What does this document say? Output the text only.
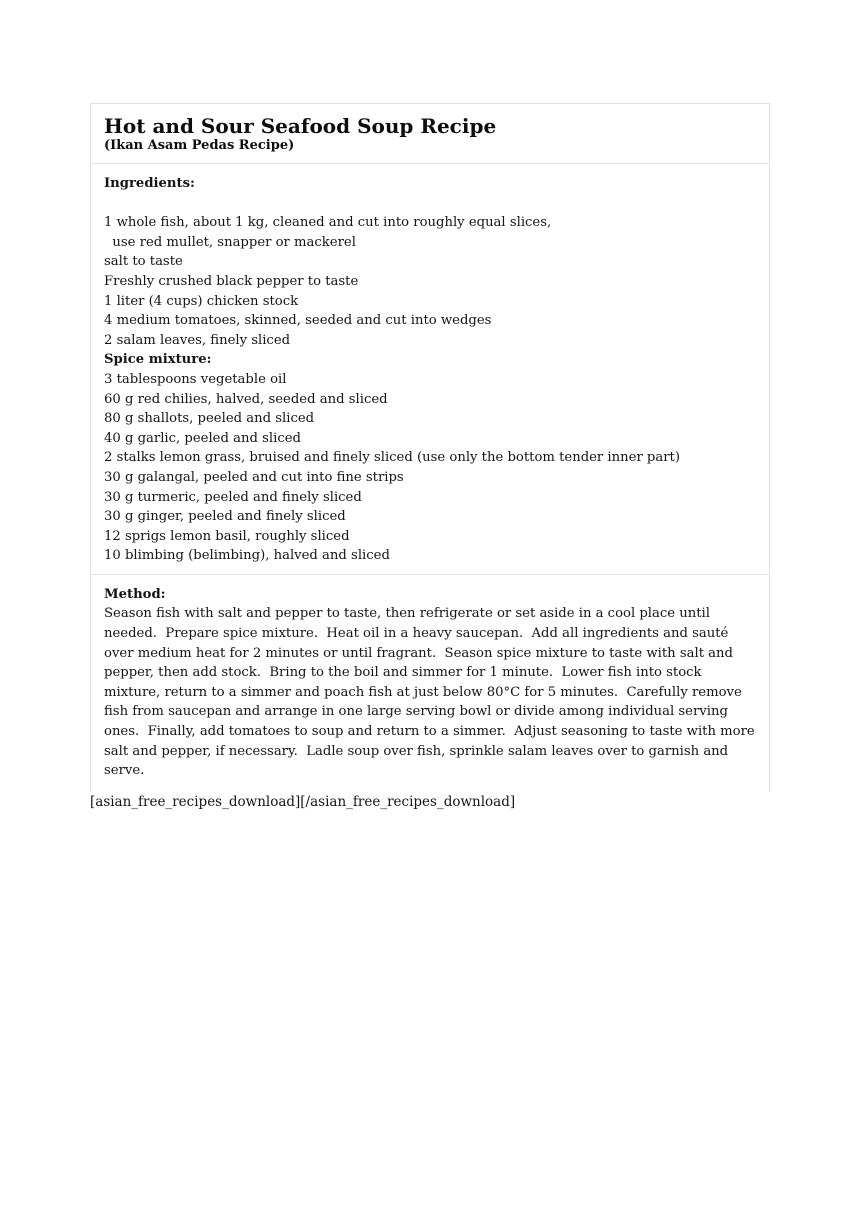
Hot and Sour Seafood Soup Recipe
(Ikan Asam Pedas Recipe)
Ingredients:
1 whole fish, about 1 kg, cleaned and cut into roughly equal slices,
use red mullet, snapper or mackerel
salt to taste
Freshly crushed black pepper to taste
1 liter (4 cups) chicken stock
4 medium tomatoes, skinned, seeded and cut into wedges
2 salam leaves, finely sliced
Spice mixture:
3 tablespoons vegetable oil
60 g red chilies, halved, seeded and sliced
80 g shallots, peeled and sliced
40 g garlic, peeled and sliced
2 stalks lemon grass, bruised and finely sliced (use only the bottom tender inner part)
30 g galangal, peeled and cut into fine strips
30 g turmeric, peeled and finely sliced
30 g ginger, peeled and finely sliced
12 sprigs lemon basil, roughly sliced
10 blimbing (belimbing), halved and sliced
Method:
Season fish with salt and pepper to taste, then refrigerate or set aside in a cool place until needed.  Prepare spice mixture.  Heat oil in a heavy saucepan.  Add all ingredients and sauté over medium heat for 2 minutes or until fragrant.  Season spice mixture to taste with salt and pepper, then add stock.  Bring to the boil and simmer for 1 minute.  Lower fish into stock mixture, return to a simmer and poach fish at just below 80°C for 5 minutes.  Carefully remove fish from saucepan and arrange in one large serving bowl or divide among individual serving ones.  Finally, add tomatoes to soup and return to a simmer.  Adjust seasoning to taste with more salt and pepper, if necessary.  Ladle soup over fish, sprinkle salam leaves over to garnish and serve.
[asian_free_recipes_download][/asian_free_recipes_download]
